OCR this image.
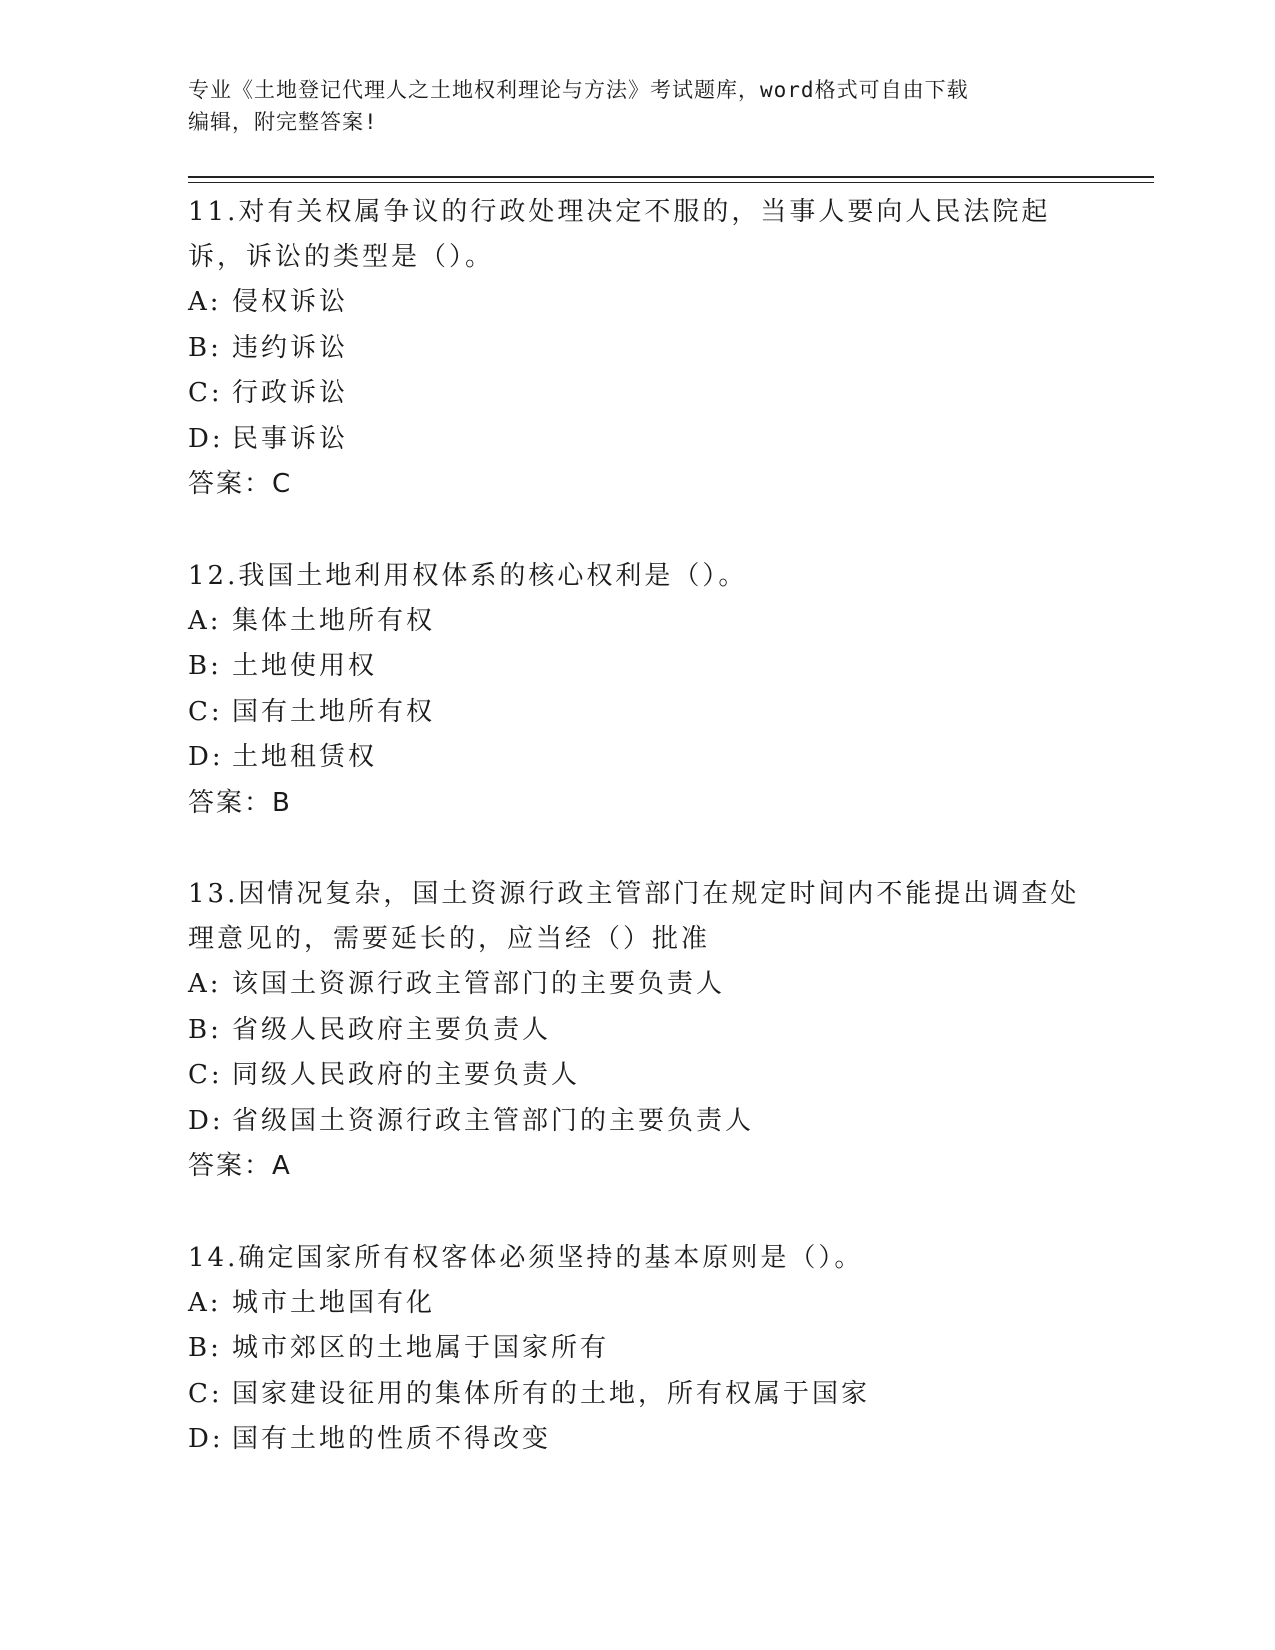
专业《土地登记代理人之土地权利理论与方法》考试题库，word格式可自由下载
编辑，附完整答案!

11.对有关权属争议的行政处理决定不服的，当事人要向人民法院起诉，诉讼的类型是（）。

A: 侵权诉讼

B: 违约诉讼

C: 行政诉讼

D: 民事诉讼

答案：C

12.我国土地利用权体系的核心权利是（）。

A: 集体土地所有权

B: 土地使用权

C: 国有土地所有权

D: 土地租赁权

答案：B

13.因情况复杂，国土资源行政主管部门在规定时间内不能提出调查处理意见的，需要延长的，应当经（）批准

A: 该国土资源行政主管部门的主要负责人

B: 省级人民政府主要负责人

C: 同级人民政府的主要负责人

D: 省级国土资源行政主管部门的主要负责人

答案：A

14.确定国家所有权客体必须坚持的基本原则是（）。

A: 城市土地国有化

B: 城市郊区的土地属于国家所有

C: 国家建设征用的集体所有的土地，所有权属于国家

D: 国有土地的性质不得改变
